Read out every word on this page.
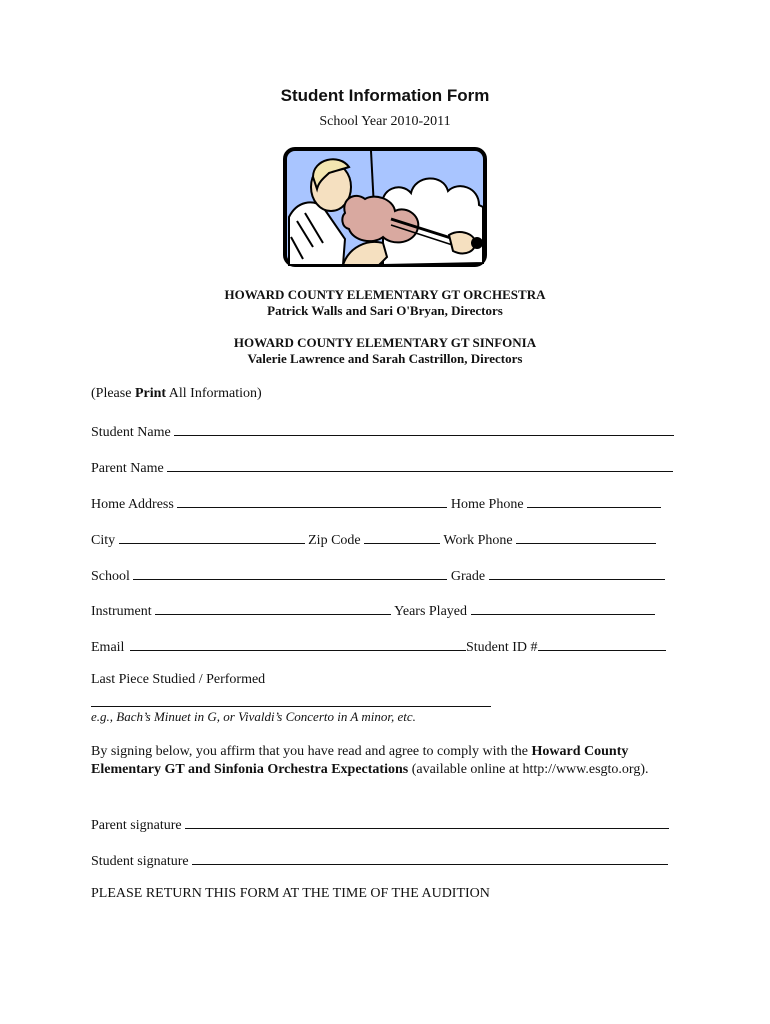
Student Information Form
School Year 2010-2011
HOWARD COUNTY ELEMENTARY GT ORCHESTRA
Patrick Walls and Sari O'Bryan, Directors
HOWARD COUNTY ELEMENTARY GT SINFONIA
Valerie Lawrence and Sarah Castrillon, Directors
(Please Print All Information)
Student Name
Parent Name
Home Address	Home Phone
City	Zip Code	Work Phone
School	Grade
Instrument	Years Played
Email	Student ID #
Last Piece Studied / Performed
e.g., Bach’s Minuet in G, or Vivaldi’s Concerto in A minor, etc.
By signing below, you affirm that you have read and agree to comply with the Howard County Elementary GT and Sinfonia Orchestra Expectations (available online at http://www.esgto.org).
Parent signature
Student signature
PLEASE RETURN THIS FORM AT THE TIME OF THE AUDITION
